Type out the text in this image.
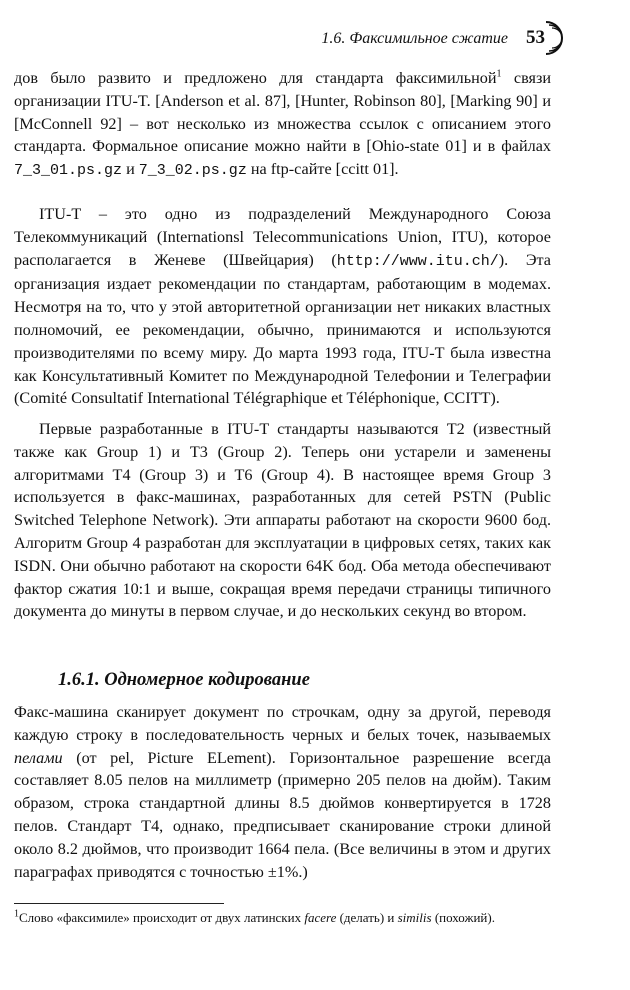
1.6. Факсимильное сжатие 53
дов было развито и предложено для стандарта факсимильной$^1$ связи организации ITU-T. [Anderson et al. 87], [Hunter, Robinson 80], [Marking 90] и [McConnell 92] – вот несколько из множества ссылок с описанием этого стандарта. Формальное описание можно найти в [Ohio-state 01] и в файлах 7_3_01.ps.gz и 7_3_02.ps.gz на ftp-сайте [ccitt 01].
ITU-T – это одно из подразделений Международного Союза Телекоммуникаций (Internationsl Telecommunications Union, ITU), которое располагается в Женеве (Швейцария) (http://www.itu.ch/). Эта организация издает рекомендации по стандартам, работающим в модемах. Несмотря на то, что у этой авторитетной организации нет никаких властных полномочий, ее рекомендации, обычно, принимаются и используются производителями по всему миру. До марта 1993 года, ITU-T была известна как Консультативный Комитет по Международной Телефонии и Телеграфии (Comité Consultatif International Télégraphique et Téléphonique, CCITT).
Первые разработанные в ITU-T стандарты называются T2 (известный также как Group 1) и T3 (Group 2). Теперь они устарели и заменены алгоритмами T4 (Group 3) и T6 (Group 4). В настоящее время Group 3 используется в факс-машинах, разработанных для сетей PSTN (Public Switched Telephone Network). Эти аппараты работают на скорости 9600 бод. Алгоритм Group 4 разработан для эксплуатации в цифровых сетях, таких как ISDN. Они обычно работают на скорости 64K бод. Оба метода обеспечивают фактор сжатия 10:1 и выше, сокращая время передачи страницы типичного документа до минуты в первом случае, и до нескольких секунд во втором.
1.6.1. Одномерное кодирование
Факс-машина сканирует документ по строчкам, одну за другой, переводя каждую строку в последовательность черных и белых точек, называемых пелами (от pel, Picture ELement). Горизонтальное разрешение всегда составляет 8.05 пелов на миллиметр (примерно 205 пелов на дюйм). Таким образом, строка стандартной длины 8.5 дюймов конвертируется в 1728 пелов. Стандарт T4, однако, предписывает сканирование строки длиной около 8.2 дюймов, что производит 1664 пела. (Все величины в этом и других параграфах приводятся с точностью ±1%.)
$^1$Слово «факсимиле» происходит от двух латинских facere (делать) и similis (похожий).
